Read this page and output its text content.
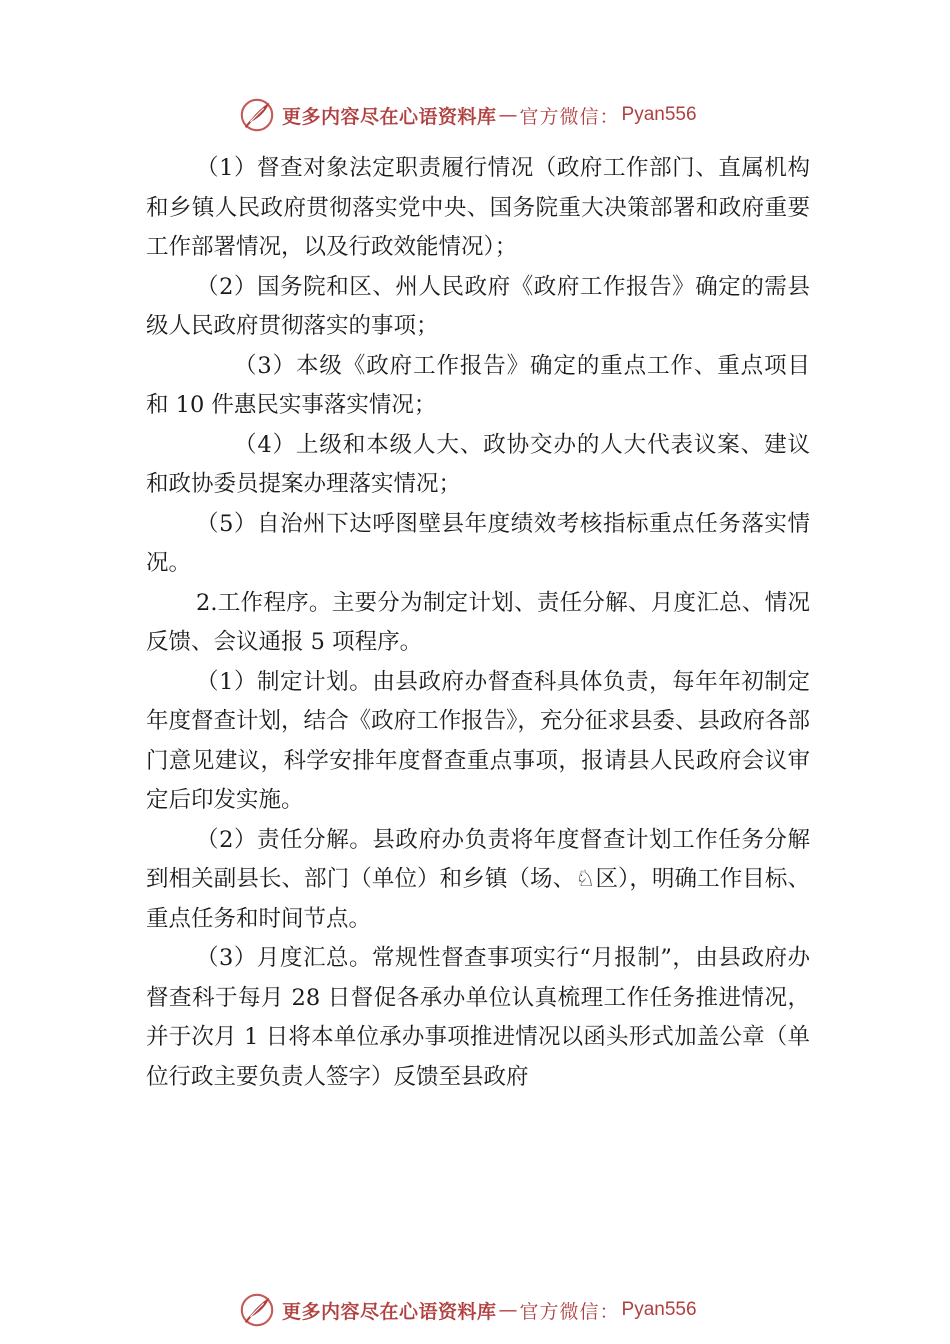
更多内容尽在心语资料库 — 官方微信： Pyan556

（1）督查对象法定职责履行情况（政府工作部门、直属机构和乡镇人民政府贯彻落实党中央、国务院重大决策部署和政府重要工作部署情况，以及行政效能情况）；

（2）国务院和区、州人民政府《政府工作报告》确定的需县级人民政府贯彻落实的事项；

（3）本级《政府工作报告》确定的重点工作、重点项目和 10 件惠民实事落实情况；

（4）上级和本级人大、政协交办的人大代表议案、建议和政协委员提案办理落实情况；

（5）自治州下达呼图壁县年度绩效考核指标重点任务落实情况。

2.工作程序。主要分为制定计划、责任分解、月度汇总、情况反馈、会议通报 5 项程序。

（1）制定计划。由县政府办督查科具体负责，每年年初制定年度督查计划，结合《政府工作报告》，充分征求县委、县政府各部门意见建议，科学安排年度督查重点事项，报请县人民政府会议审定后印发实施。

（2）责任分解。县政府办负责将年度督查计划工作任务分解到相关副县长、部门（单位）和乡镇（场、♘区），明确工作目标、重点任务和时间节点。

（3）月度汇总。常规性督查事项实行“月报制”，由县政府办督查科于每月 28 日督促各承办单位认真梳理工作任务推进情况，并于次月 1 日将本单位承办事项推进情况以函头形式加盖公章（单位行政主要负责人签字）反馈至县政府

更多内容尽在心语资料库 — 官方微信： Pyan556
